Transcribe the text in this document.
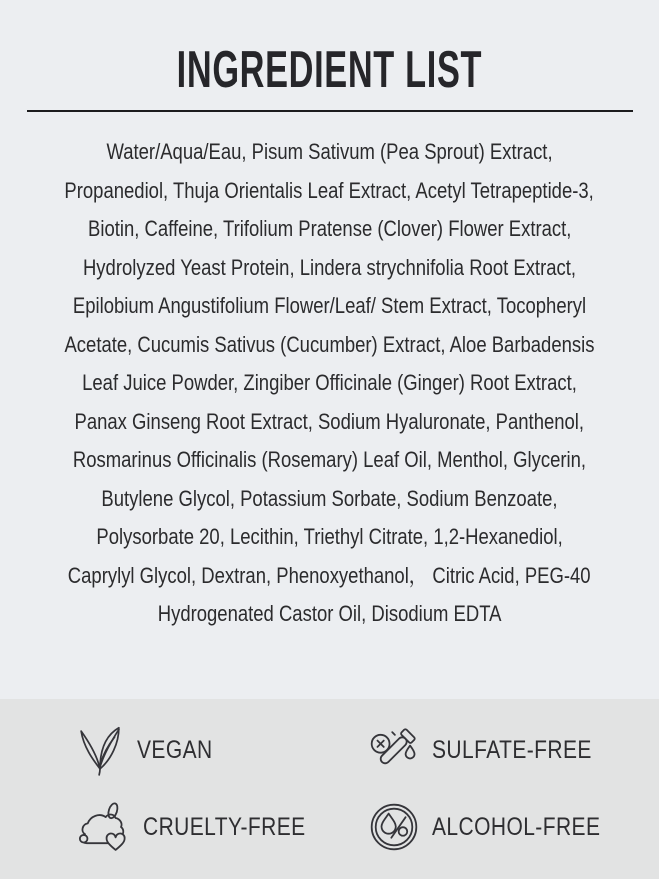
INGREDIENT LIST
Water/Aqua/Eau, Pisum Sativum (Pea Sprout) Extract,
Propanediol, Thuja Orientalis Leaf Extract, Acetyl Tetrapeptide-3,
Biotin, Caffeine, Trifolium Pratense (Clover) Flower Extract,
Hydrolyzed Yeast Protein, Lindera strychnifolia Root Extract,
Epilobium Angustifolium Flower/Leaf/ Stem Extract, Tocopheryl
Acetate, Cucumis Sativus (Cucumber) Extract, Aloe Barbadensis
Leaf Juice Powder, Zingiber Officinale (Ginger) Root Extract,
Panax Ginseng Root Extract, Sodium Hyaluronate, Panthenol,
Rosmarinus Officinalis (Rosemary) Leaf Oil, Menthol, Glycerin,
Butylene Glycol, Potassium Sorbate, Sodium Benzoate,
Polysorbate 20, Lecithin, Triethyl Citrate, 1,2-Hexanediol,
Caprylyl Glycol, Dextran, Phenoxyethanol， Citric Acid, PEG-40
Hydrogenated Castor Oil, Disodium EDTA
VEGAN	SULFATE-FREE
CRUELTY-FREE	ALCOHOL-FREE
